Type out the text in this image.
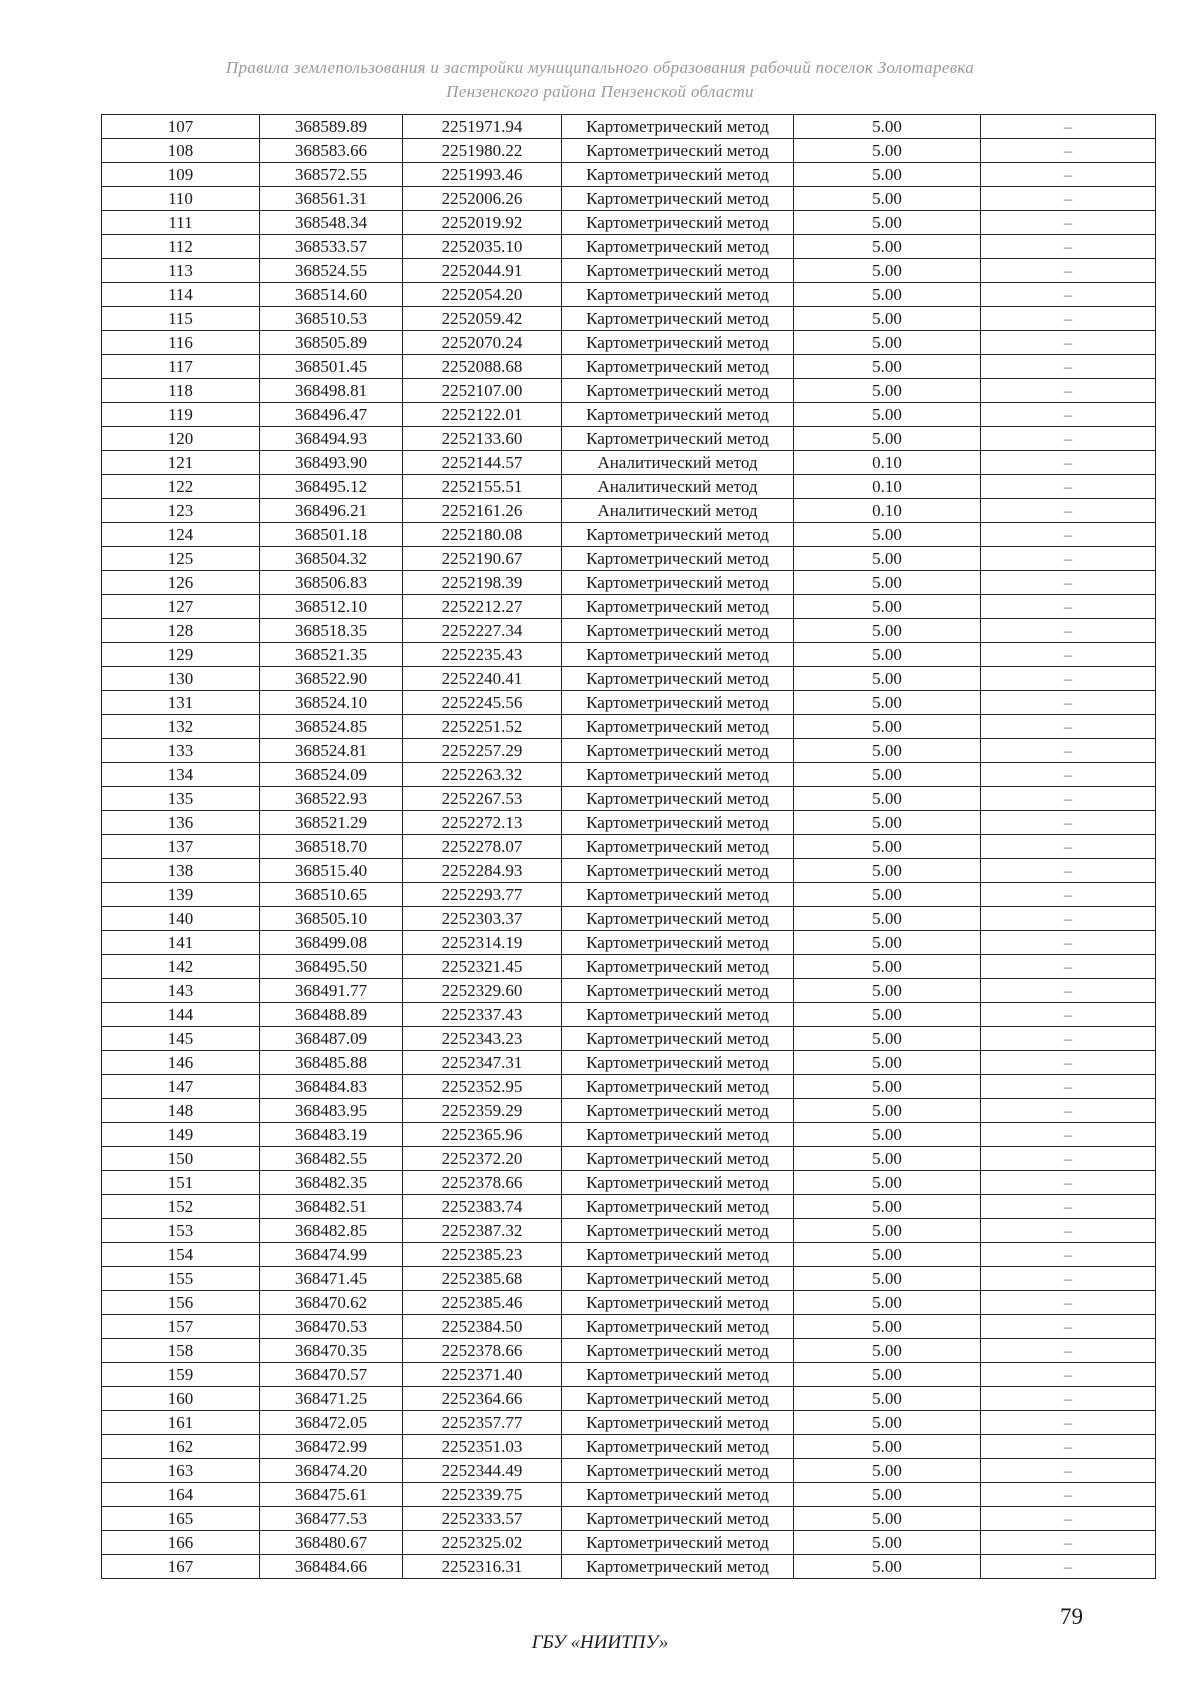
Правила землепользования и застройки муниципального образования рабочий поселок Золотаревка
Пензенского района Пензенской области
107	368589.89	2251971.94	Картометрический метод	5.00	–
108	368583.66	2251980.22	Картометрический метод	5.00	–
109	368572.55	2251993.46	Картометрический метод	5.00	–
110	368561.31	2252006.26	Картометрический метод	5.00	–
111	368548.34	2252019.92	Картометрический метод	5.00	–
112	368533.57	2252035.10	Картометрический метод	5.00	–
113	368524.55	2252044.91	Картометрический метод	5.00	–
114	368514.60	2252054.20	Картометрический метод	5.00	–
115	368510.53	2252059.42	Картометрический метод	5.00	–
116	368505.89	2252070.24	Картометрический метод	5.00	–
117	368501.45	2252088.68	Картометрический метод	5.00	–
118	368498.81	2252107.00	Картометрический метод	5.00	–
119	368496.47	2252122.01	Картометрический метод	5.00	–
120	368494.93	2252133.60	Картометрический метод	5.00	–
121	368493.90	2252144.57	Аналитический метод	0.10	–
122	368495.12	2252155.51	Аналитический метод	0.10	–
123	368496.21	2252161.26	Аналитический метод	0.10	–
124	368501.18	2252180.08	Картометрический метод	5.00	–
125	368504.32	2252190.67	Картометрический метод	5.00	–
126	368506.83	2252198.39	Картометрический метод	5.00	–
127	368512.10	2252212.27	Картометрический метод	5.00	–
128	368518.35	2252227.34	Картометрический метод	5.00	–
129	368521.35	2252235.43	Картометрический метод	5.00	–
130	368522.90	2252240.41	Картометрический метод	5.00	–
131	368524.10	2252245.56	Картометрический метод	5.00	–
132	368524.85	2252251.52	Картометрический метод	5.00	–
133	368524.81	2252257.29	Картометрический метод	5.00	–
134	368524.09	2252263.32	Картометрический метод	5.00	–
135	368522.93	2252267.53	Картометрический метод	5.00	–
136	368521.29	2252272.13	Картометрический метод	5.00	–
137	368518.70	2252278.07	Картометрический метод	5.00	–
138	368515.40	2252284.93	Картометрический метод	5.00	–
139	368510.65	2252293.77	Картометрический метод	5.00	–
140	368505.10	2252303.37	Картометрический метод	5.00	–
141	368499.08	2252314.19	Картометрический метод	5.00	–
142	368495.50	2252321.45	Картометрический метод	5.00	–
143	368491.77	2252329.60	Картометрический метод	5.00	–
144	368488.89	2252337.43	Картометрический метод	5.00	–
145	368487.09	2252343.23	Картометрический метод	5.00	–
146	368485.88	2252347.31	Картометрический метод	5.00	–
147	368484.83	2252352.95	Картометрический метод	5.00	–
148	368483.95	2252359.29	Картометрический метод	5.00	–
149	368483.19	2252365.96	Картометрический метод	5.00	–
150	368482.55	2252372.20	Картометрический метод	5.00	–
151	368482.35	2252378.66	Картометрический метод	5.00	–
152	368482.51	2252383.74	Картометрический метод	5.00	–
153	368482.85	2252387.32	Картометрический метод	5.00	–
154	368474.99	2252385.23	Картометрический метод	5.00	–
155	368471.45	2252385.68	Картометрический метод	5.00	–
156	368470.62	2252385.46	Картометрический метод	5.00	–
157	368470.53	2252384.50	Картометрический метод	5.00	–
158	368470.35	2252378.66	Картометрический метод	5.00	–
159	368470.57	2252371.40	Картометрический метод	5.00	–
160	368471.25	2252364.66	Картометрический метод	5.00	–
161	368472.05	2252357.77	Картометрический метод	5.00	–
162	368472.99	2252351.03	Картометрический метод	5.00	–
163	368474.20	2252344.49	Картометрический метод	5.00	–
164	368475.61	2252339.75	Картометрический метод	5.00	–
165	368477.53	2252333.57	Картометрический метод	5.00	–
166	368480.67	2252325.02	Картометрический метод	5.00	–
167	368484.66	2252316.31	Картометрический метод	5.00	–
79
ГБУ «НИИТПУ»
